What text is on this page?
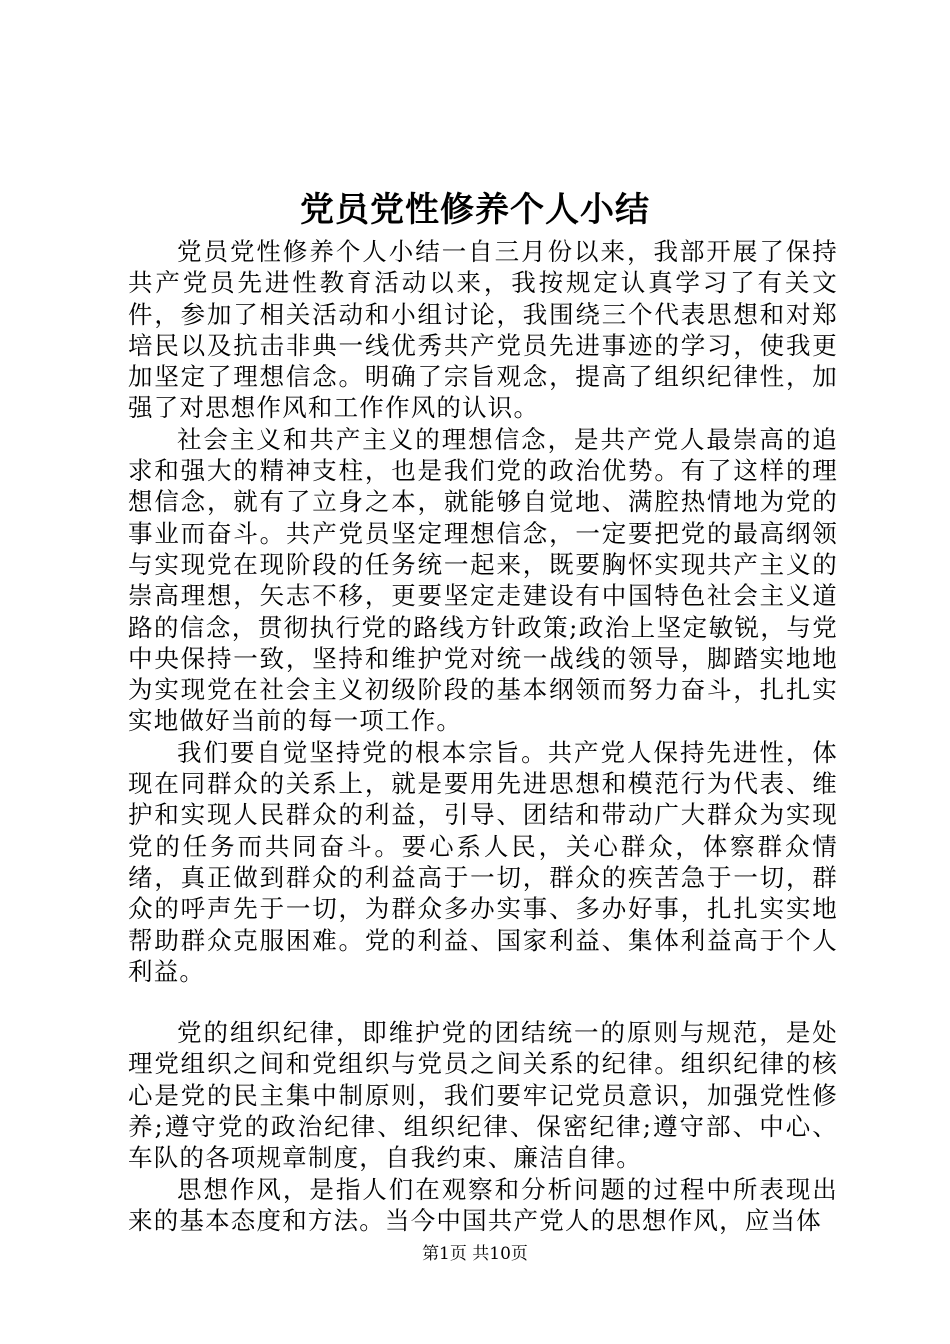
党员党性修养个人小结

党员党性修养个人小结一自三月份以来，我部开展了保持共产党员先进性教育活动以来，我按规定认真学习了有关文件，参加了相关活动和小组讨论，我围绕三个代表思想和对郑培民以及抗击非典一线优秀共产党员先进事迹的学习，使我更加坚定了理想信念。明确了宗旨观念，提高了组织纪律性，加强了对思想作风和工作作风的认识。

社会主义和共产主义的理想信念，是共产党人最崇高的追求和强大的精神支柱，也是我们党的政治优势。有了这样的理想信念，就有了立身之本，就能够自觉地、满腔热情地为党的事业而奋斗。共产党员坚定理想信念，一定要把党的最高纲领与实现党在现阶段的任务统一起来，既要胸怀实现共产主义的崇高理想，矢志不移，更要坚定走建设有中国特色社会主义道路的信念，贯彻执行党的路线方针政策;政治上坚定敏锐，与党中央保持一致，坚持和维护党对统一战线的领导，脚踏实地地为实现党在社会主义初级阶段的基本纲领而努力奋斗，扎扎实实地做好当前的每一项工作。

我们要自觉坚持党的根本宗旨。共产党人保持先进性，体现在同群众的关系上，就是要用先进思想和模范行为代表、维护和实现人民群众的利益，引导、团结和带动广大群众为实现党的任务而共同奋斗。要心系人民，关心群众，体察群众情绪，真正做到群众的利益高于一切，群众的疾苦急于一切，群众的呼声先于一切，为群众多办实事、多办好事，扎扎实实地帮助群众克服困难。党的利益、国家利益、集体利益高于个人利益。

党的组织纪律，即维护党的团结统一的原则与规范，是处理党组织之间和党组织与党员之间关系的纪律。组织纪律的核心是党的民主集中制原则，我们要牢记党员意识，加强党性修养;遵守党的政治纪律、组织纪律、保密纪律;遵守部、中心、车队的各项规章制度，自我约束、廉洁自律。

思想作风，是指人们在观察和分析问题的过程中所表现出来的基本态度和方法。当今中国共产党人的思想作风，应当体

第1页 共10页
